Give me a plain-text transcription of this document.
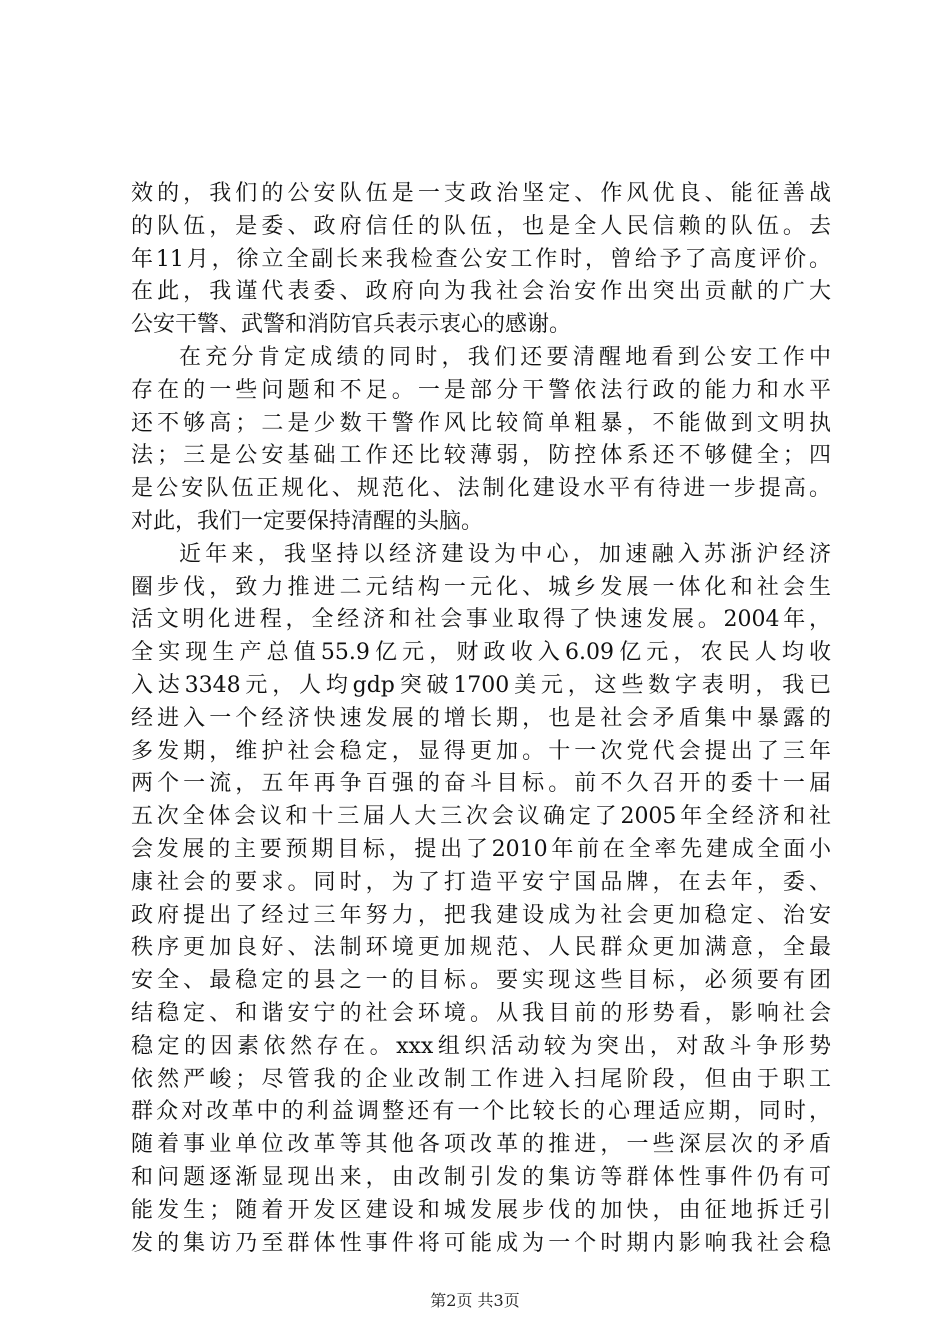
效的，我们的公安队伍是一支政治坚定、作风优良、能征善战
的队伍，是委、政府信任的队伍，也是全人民信赖的队伍。去
年11月，徐立全副长来我检查公安工作时，曾给予了高度评价。
在此，我谨代表委、政府向为我社会治安作出突出贡献的广大
公安干警、武警和消防官兵表示衷心的感谢。
在充分肯定成绩的同时，我们还要清醒地看到公安工作中
存在的一些问题和不足。一是部分干警依法行政的能力和水平
还不够高；二是少数干警作风比较简单粗暴，不能做到文明执
法；三是公安基础工作还比较薄弱，防控体系还不够健全；四
是公安队伍正规化、规范化、法制化建设水平有待进一步提高。
对此，我们一定要保持清醒的头脑。
近年来，我坚持以经济建设为中心，加速融入苏浙沪经济
圈步伐，致力推进二元结构一元化、城乡发展一体化和社会生
活文明化进程，全经济和社会事业取得了快速发展。2004年，
全实现生产总值55.9亿元，财政收入6.09亿元，农民人均收
入达3348元，人均gdp突破1700美元，这些数字表明，我已
经进入一个经济快速发展的增长期，也是社会矛盾集中暴露的
多发期，维护社会稳定，显得更加。十一次党代会提出了三年
两个一流，五年再争百强的奋斗目标。前不久召开的委十一届
五次全体会议和十三届人大三次会议确定了2005年全经济和社
会发展的主要预期目标，提出了2010年前在全率先建成全面小
康社会的要求。同时，为了打造平安宁国品牌，在去年，委、
政府提出了经过三年努力，把我建设成为社会更加稳定、治安
秩序更加良好、法制环境更加规范、人民群众更加满意，全最
安全、最稳定的县之一的目标。要实现这些目标，必须要有团
结稳定、和谐安宁的社会环境。从我目前的形势看，影响社会
稳定的因素依然存在。xxx组织活动较为突出，对敌斗争形势
依然严峻；尽管我的企业改制工作进入扫尾阶段，但由于职工
群众对改革中的利益调整还有一个比较长的心理适应期，同时，
随着事业单位改革等其他各项改革的推进，一些深层次的矛盾
和问题逐渐显现出来，由改制引发的集访等群体性事件仍有可
能发生；随着开发区建设和城发展步伐的加快，由征地拆迁引
发的集访乃至群体性事件将可能成为一个时期内影响我社会稳
第2页 共3页
